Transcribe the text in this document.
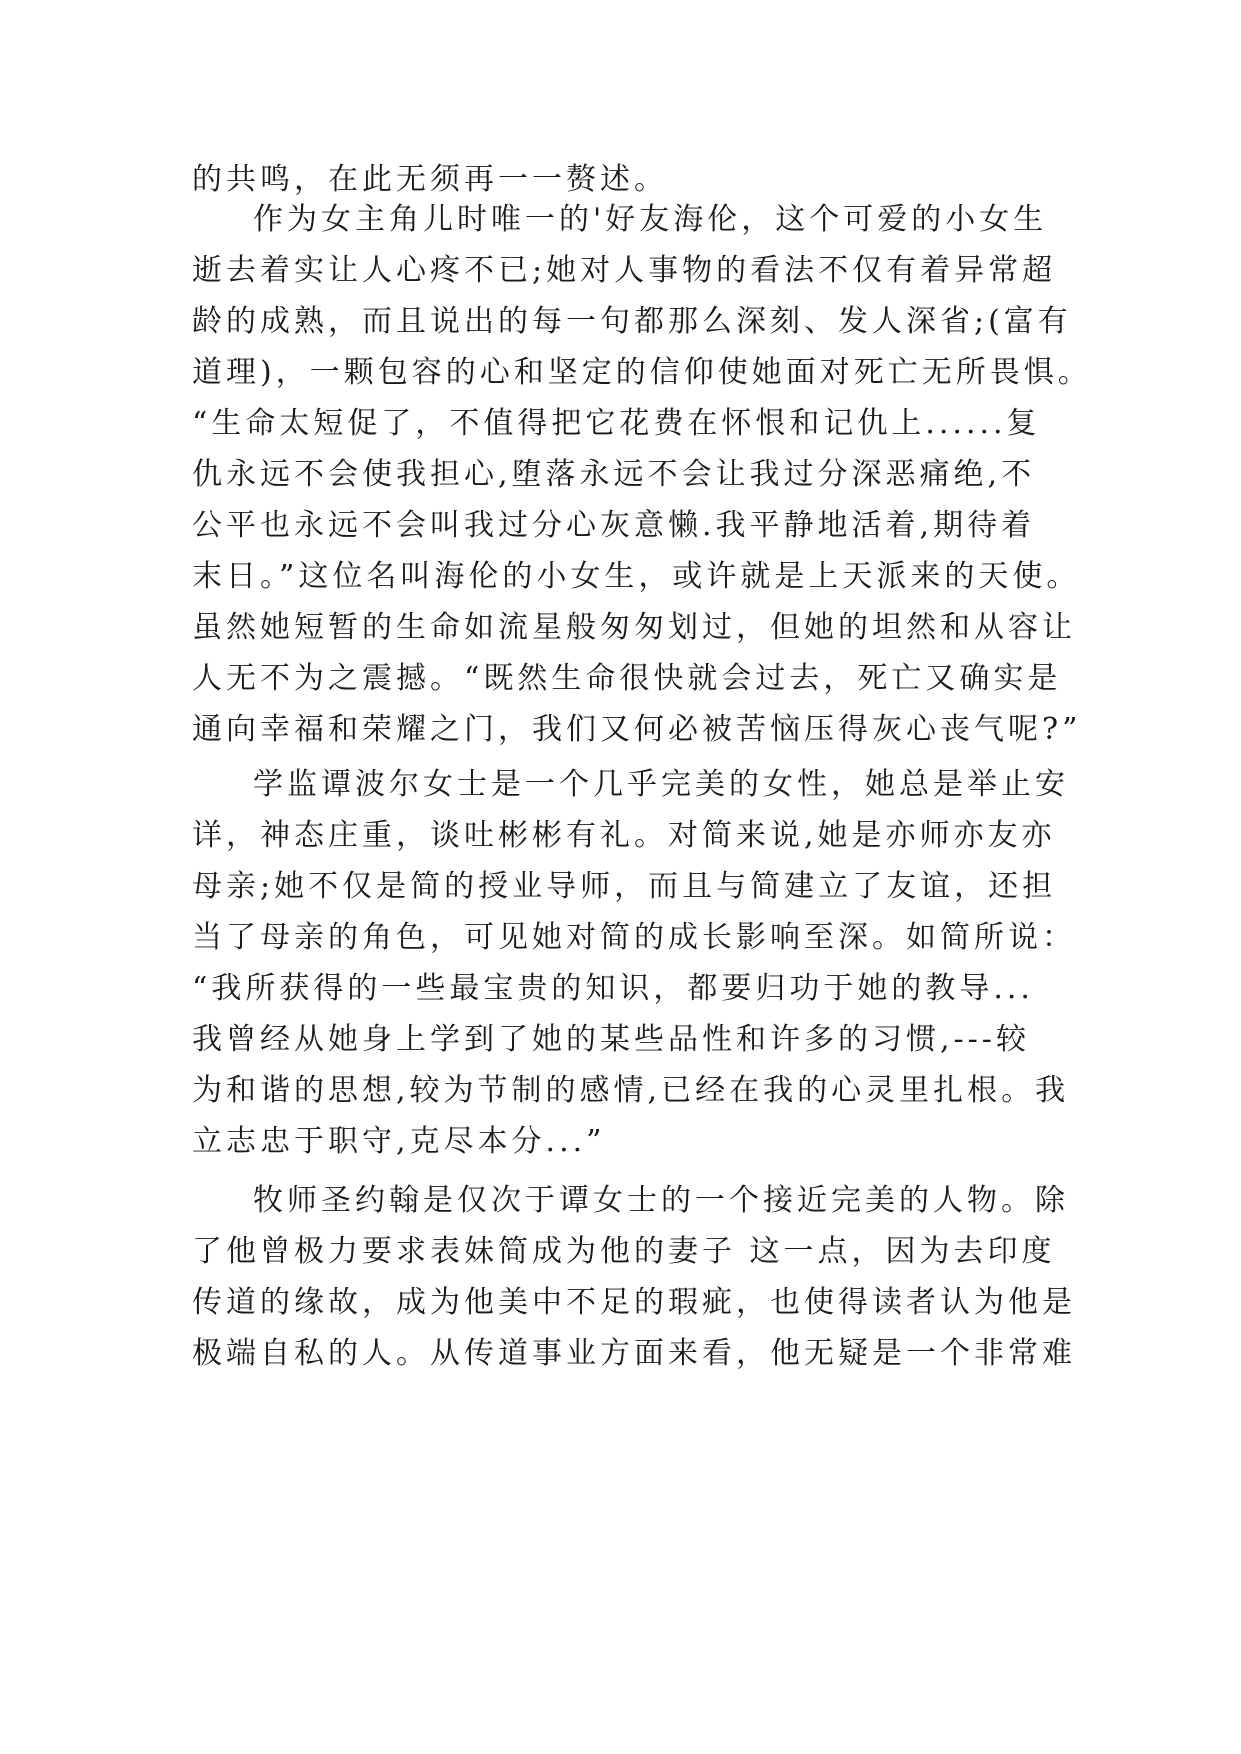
的共鸣，在此无须再一一赘述。

作为女主角儿时唯一的'好友海伦，这个可爱的小女生

逝去着实让人心疼不已;她对人事物的看法不仅有着异常超

龄的成熟，而且说出的每一句都那么深刻、发人深省;(富有

道理)，一颗包容的心和坚定的信仰使她面对死亡无所畏惧。

“生命太短促了，不值得把它花费在怀恨和记仇上......复

仇永远不会使我担心,堕落永远不会让我过分深恶痛绝,不

公平也永远不会叫我过分心灰意懒.我平静地活着,期待着

末日。”这位名叫海伦的小女生，或许就是上天派来的天使。

虽然她短暂的生命如流星般匆匆划过，但她的坦然和从容让

人无不为之震撼。“既然生命很快就会过去，死亡又确实是

通向幸福和荣耀之门，我们又何必被苦恼压得灰心丧气呢?”

学监谭波尔女士是一个几乎完美的女性，她总是举止安

详，神态庄重，谈吐彬彬有礼。对简来说,她是亦师亦友亦

母亲;她不仅是简的授业导师，而且与简建立了友谊，还担

当了母亲的角色，可见她对简的成长影响至深。如简所说：

“我所获得的一些最宝贵的知识，都要归功于她的教导...

我曾经从她身上学到了她的某些品性和许多的习惯,---较

为和谐的思想,较为节制的感情,已经在我的心灵里扎根。我

立志忠于职守,克尽本分...”

牧师圣约翰是仅次于谭女士的一个接近完美的人物。除

了他曾极力要求表妹简成为他的妻子 这一点，因为去印度

传道的缘故，成为他美中不足的瑕疵，也使得读者认为他是

极端自私的人。从传道事业方面来看，他无疑是一个非常难
